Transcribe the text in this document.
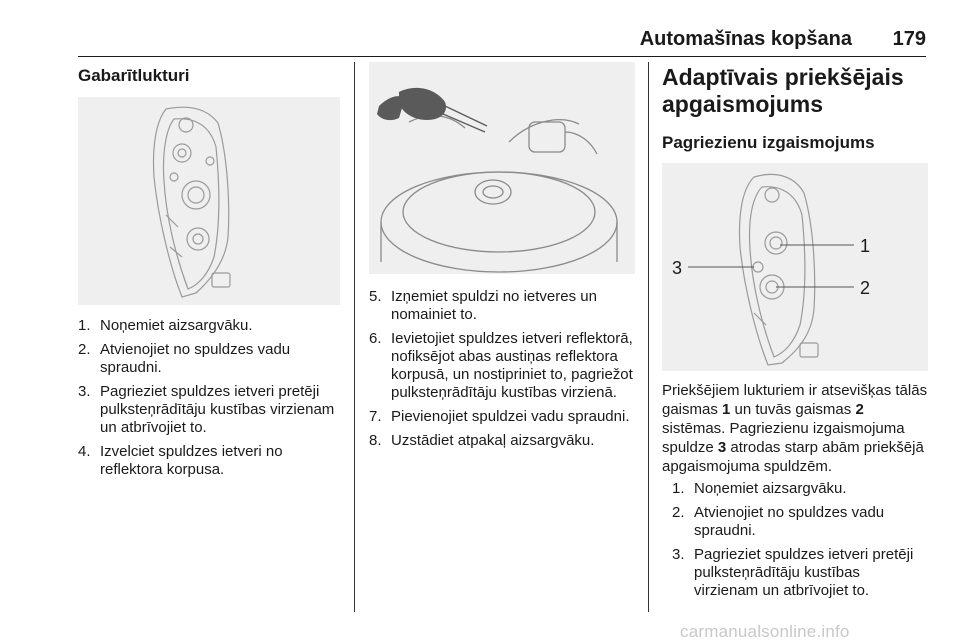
Automašīnas kopšana 179
Gabarītlukturi
1. Noņemiet aizsargvāku.
2. Atvienojiet no spuldzes vadu spraudni.
3. Pagrieziet spuldzes ietveri pretēji pulksteņrādītāju kustības virzienam un atbrīvojiet to.
4. Izvelciet spuldzes ietveri no reflektora korpusa.
5. Izņemiet spuldzi no ietveres un nomainiet to.
6. Ievietojiet spuldzes ietveri reflektorā, nofiksējot abas austiņas reflektora korpusā, un nostipriniet to, pagriežot pulksteņrādītāju kustības virzienā.
7. Pievienojiet spuldzei vadu spraudni.
8. Uzstādiet atpakaļ aizsargvāku.
Adaptīvais priekšējais apgaismojums
Pagriezienu izgaismojums
1
2
3
Priekšējiem lukturiem ir atsevišķas tālās gaismas 1 un tuvās gaismas 2 sistēmas. Pagriezienu izgaismojuma spuldze 3 atrodas starp abām priekšējā apgaismojuma spuldzēm.
1. Noņemiet aizsargvāku.
2. Atvienojiet no spuldzes vadu spraudni.
3. Pagrieziet spuldzes ietveri pretēji pulksteņrādītāju kustības virzienam un atbrīvojiet to.
carmanualsonline.info
